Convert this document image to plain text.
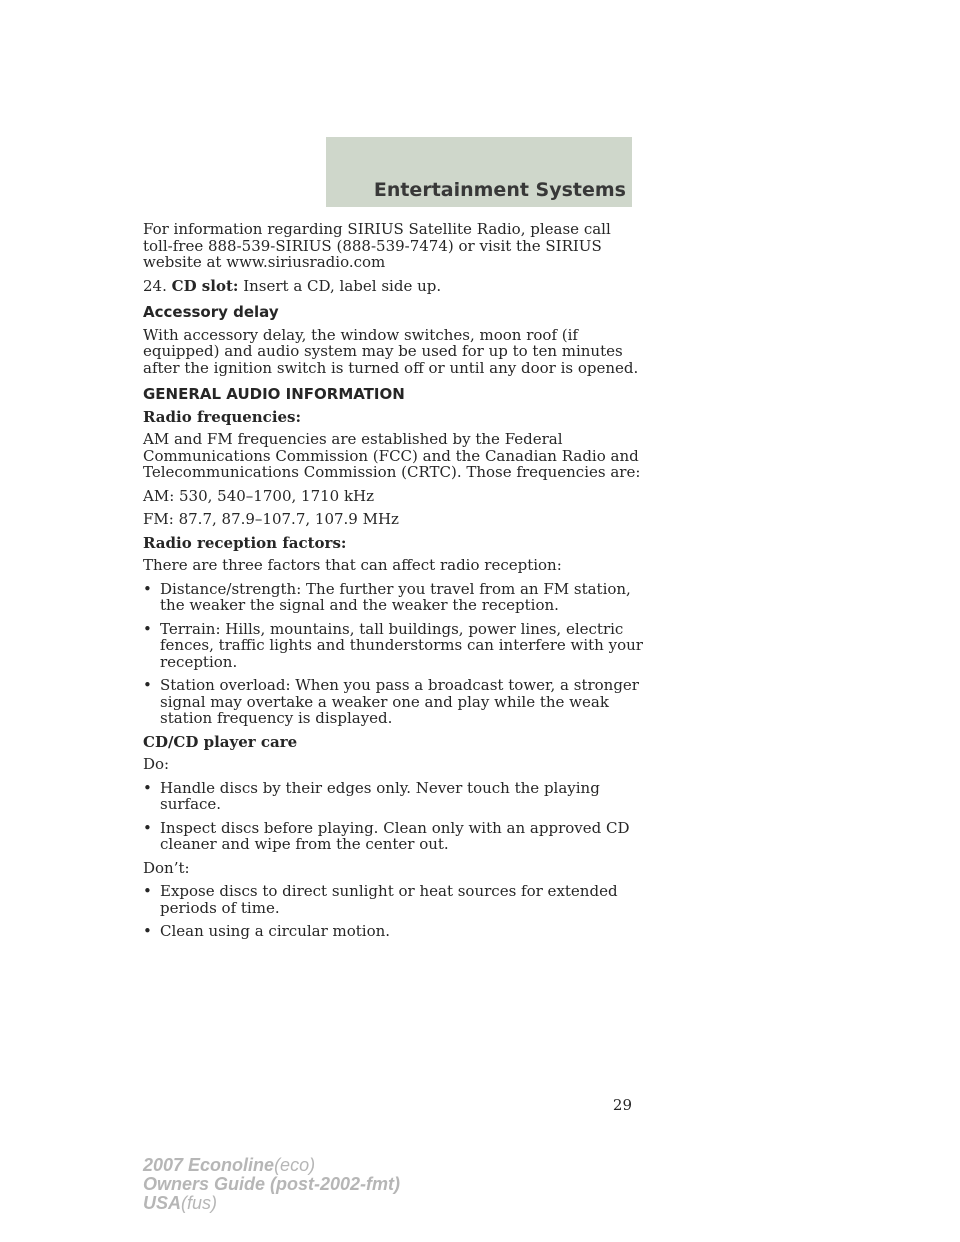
Entertainment Systems

For information regarding SIRIUS Satellite Radio, please call toll-free 888-539-SIRIUS (888-539-7474) or visit the SIRIUS website at www.siriusradio.com

24. CD slot: Insert a CD, label side up.

Accessory delay

With accessory delay, the window switches, moon roof (if equipped) and audio system may be used for up to ten minutes after the ignition switch is turned off or until any door is opened.

GENERAL AUDIO INFORMATION
Radio frequencies:

AM and FM frequencies are established by the Federal Communications Commission (FCC) and the Canadian Radio and Telecommunications Commission (CRTC). Those frequencies are:

AM: 530, 540–1700, 1710 kHz

FM: 87.7, 87.9–107.7, 107.9 MHz

Radio reception factors:

There are three factors that can affect radio reception:

• Distance/strength: The further you travel from an FM station, the weaker the signal and the weaker the reception.
• Terrain: Hills, mountains, tall buildings, power lines, electric fences, traffic lights and thunderstorms can interfere with your reception.
• Station overload: When you pass a broadcast tower, a stronger signal may overtake a weaker one and play while the weak station frequency is displayed.
CD/CD player care

Do:

• Handle discs by their edges only. Never touch the playing surface.
• Inspect discs before playing. Clean only with an approved CD cleaner and wipe from the center out.

Don’t:

• Expose discs to direct sunlight or heat sources for extended periods of time.
• Clean using a circular motion.
29
2007 Econoline(eco)
Owners Guide (post-2002-fmt)
USA(fus)
